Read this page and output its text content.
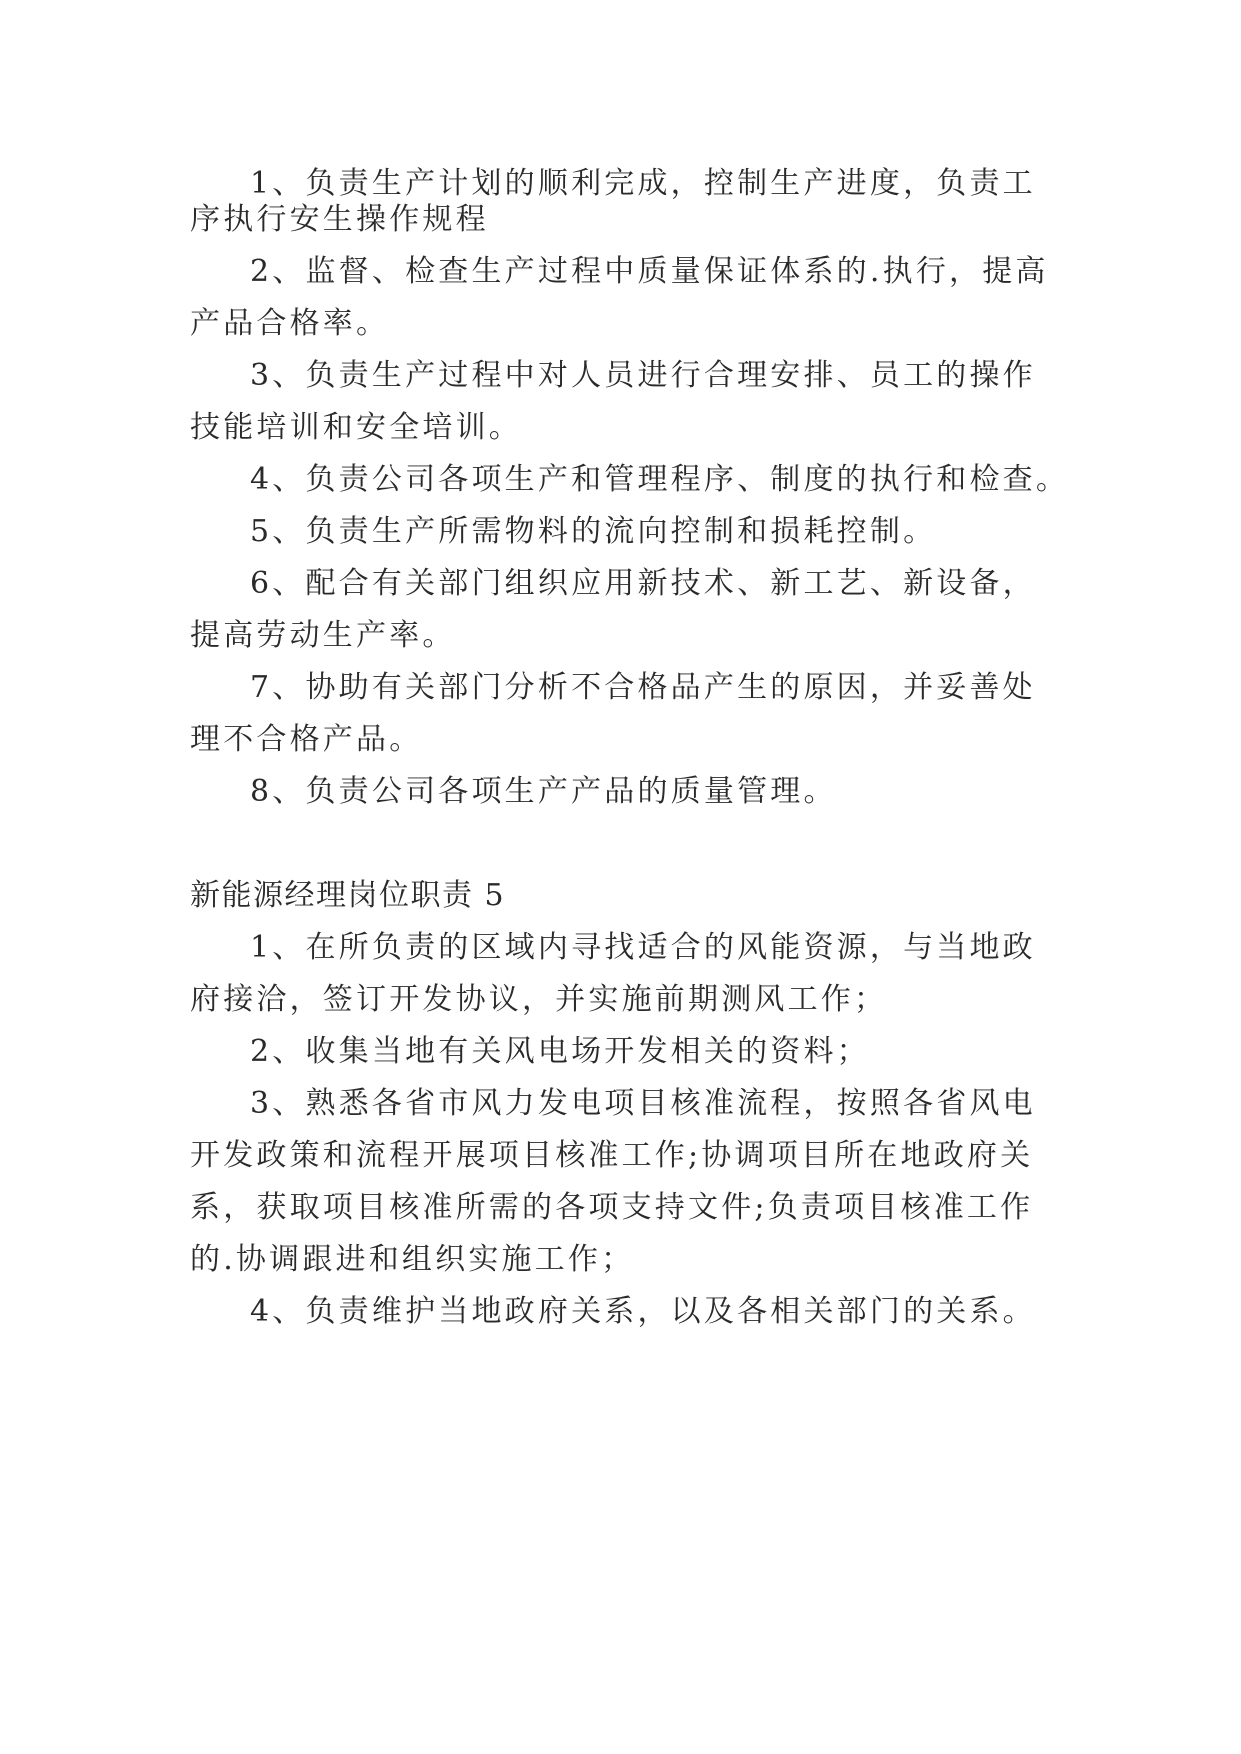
1、负责生产计划的顺利完成，控制生产进度，负责工
序执行安生操作规程
2、监督、检查生产过程中质量保证体系的.执行，提高
产品合格率。
3、负责生产过程中对人员进行合理安排、员工的操作
技能培训和安全培训。
4、负责公司各项生产和管理程序、制度的执行和检查。
5、负责生产所需物料的流向控制和损耗控制。
6、配合有关部门组织应用新技术、新工艺、新设备，
提高劳动生产率。
7、协助有关部门分析不合格品产生的原因，并妥善处
理不合格产品。
8、负责公司各项生产产品的质量管理。
新能源经理岗位职责 5
1、在所负责的区域内寻找适合的风能资源，与当地政
府接洽，签订开发协议，并实施前期测风工作；
2、收集当地有关风电场开发相关的资料；
3、熟悉各省市风力发电项目核准流程，按照各省风电
开发政策和流程开展项目核准工作;协调项目所在地政府关
系，获取项目核准所需的各项支持文件;负责项目核准工作
的.协调跟进和组织实施工作；
4、负责维护当地政府关系，以及各相关部门的关系。
